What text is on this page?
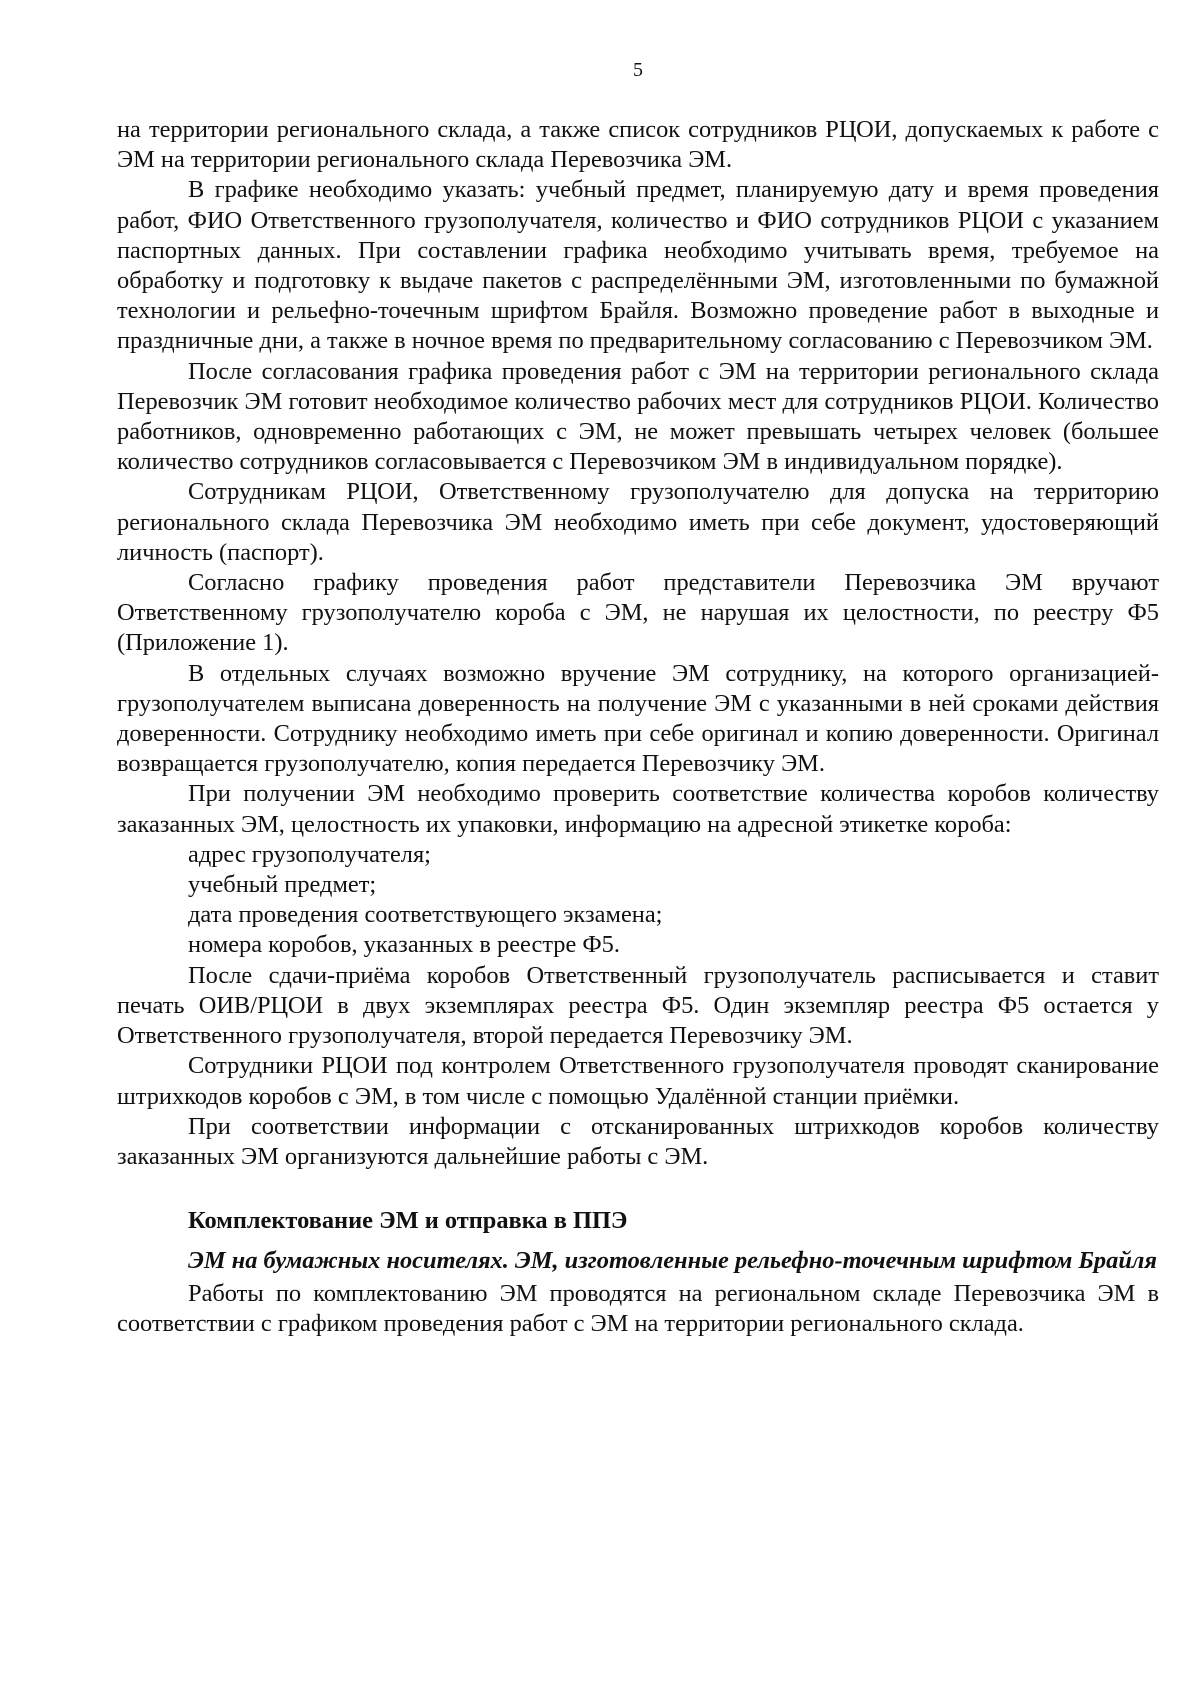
5

на территории регионального склада, а также список сотрудников РЦОИ, допускаемых к работе с ЭМ на территории регионального склада Перевозчика ЭМ.

В графике необходимо указать: учебный предмет, планируемую дату и время проведения работ, ФИО Ответственного грузополучателя, количество и ФИО сотрудников РЦОИ с указанием паспортных данных. При составлении графика необходимо учитывать время, требуемое на обработку и подготовку к выдаче пакетов с распределёнными ЭМ, изготовленными по бумажной технологии и рельефно-точечным шрифтом Брайля. Возможно проведение работ в выходные и праздничные дни, а также в ночное время по предварительному согласованию с Перевозчиком ЭМ.

После согласования графика проведения работ с ЭМ на территории регионального склада Перевозчик ЭМ готовит необходимое количество рабочих мест для сотрудников РЦОИ. Количество работников, одновременно работающих с ЭМ, не может превышать четырех человек (большее количество сотрудников согласовывается с Перевозчиком ЭМ в индивидуальном порядке).

Сотрудникам РЦОИ, Ответственному грузополучателю для допуска на территорию регионального склада Перевозчика ЭМ необходимо иметь при себе документ, удостоверяющий личность (паспорт).

Согласно графику проведения работ представители Перевозчика ЭМ вручают Ответственному грузополучателю короба с ЭМ, не нарушая их целостности, по реестру Ф5 (Приложение 1).

В отдельных случаях возможно вручение ЭМ сотруднику, на которого организацией-грузополучателем выписана доверенность на получение ЭМ с указанными в ней сроками действия доверенности. Сотруднику необходимо иметь при себе оригинал и копию доверенности. Оригинал возвращается грузополучателю, копия передается Перевозчику ЭМ.

При получении ЭМ необходимо проверить соответствие количества коробов количеству заказанных ЭМ, целостность их упаковки, информацию на адресной этикетке короба:

адрес грузополучателя;

учебный предмет;

дата проведения соответствующего экзамена;

номера коробов, указанных в реестре Ф5.

После сдачи-приёма коробов Ответственный грузополучатель расписывается и ставит печать ОИВ/РЦОИ в двух экземплярах реестра Ф5. Один экземпляр реестра Ф5 остается у Ответственного грузополучателя, второй передается Перевозчику ЭМ.

Сотрудники РЦОИ под контролем Ответственного грузополучателя проводят сканирование штрихкодов коробов с ЭМ, в том числе с помощью Удалённой станции приёмки.

При соответствии информации с отсканированных штрихкодов коробов количеству заказанных ЭМ организуются дальнейшие работы с ЭМ.

Комплектование ЭМ и отправка в ППЭ

ЭМ на бумажных носителях. ЭМ, изготовленные рельефно-точечным шрифтом Брайля

Работы по комплектованию ЭМ проводятся на региональном складе Перевозчика ЭМ в соответствии с графиком проведения работ с ЭМ на территории регионального склада.
